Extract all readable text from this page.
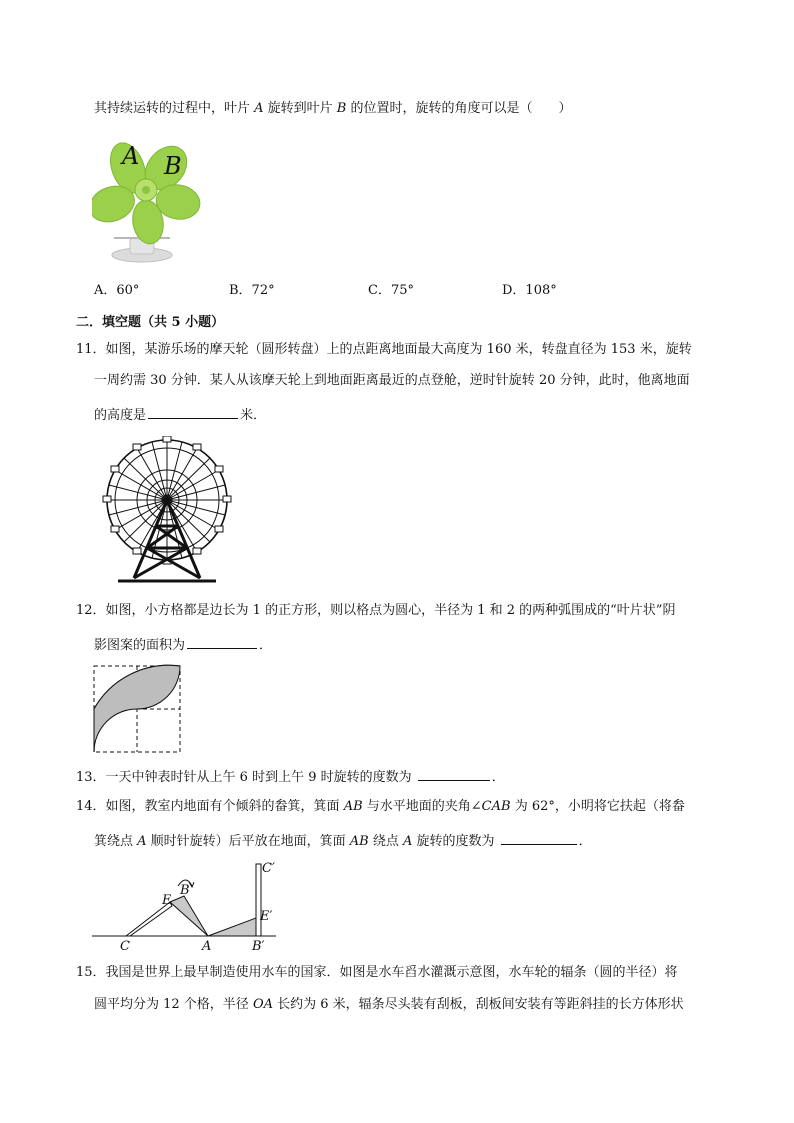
其持续运转的过程中，叶片 A 旋转到叶片 B 的位置时，旋转的角度可以是（　　）
A B
A．60°	B．72°	C．75°	D．108°
二．填空题（共 5 小题）
11．如图，某游乐场的摩天轮（圆形转盘）上的点距离地面最大高度为 160 米，转盘直径为 153 米，旋转
一周约需 30 分钟．某人从该摩天轮上到地面距离最近的点登舱，逆时针旋转 20 分钟，此时，他离地面
的高度是	米．
12．如图，小方格都是边长为 1 的正方形，则以格点为圆心，半径为 1 和 2 的两种弧围成的“叶片状”阴
影图案的面积为	．
13．一天中钟表时针从上午 6 时到上午 9 时旋转的度数为	．
14．如图，教室内地面有个倾斜的畚箕，箕面 AB 与水平地面的夹角∠CAB 为 62°，小明将它扶起（将畚
箕绕点 A 顺时针旋转）后平放在地面，箕面 AB 绕点 A 旋转的度数为	．
C
E
B
A	B′
E′
C′
15．我国是世界上最早制造使用水车的国家．如图是水车舀水灌溉示意图，水车轮的辐条（圆的半径）将
圆平均分为 12 个格，半径 OA 长约为 6 米，辐条尽头装有刮板，刮板间安装有等距斜挂的长方体形状
